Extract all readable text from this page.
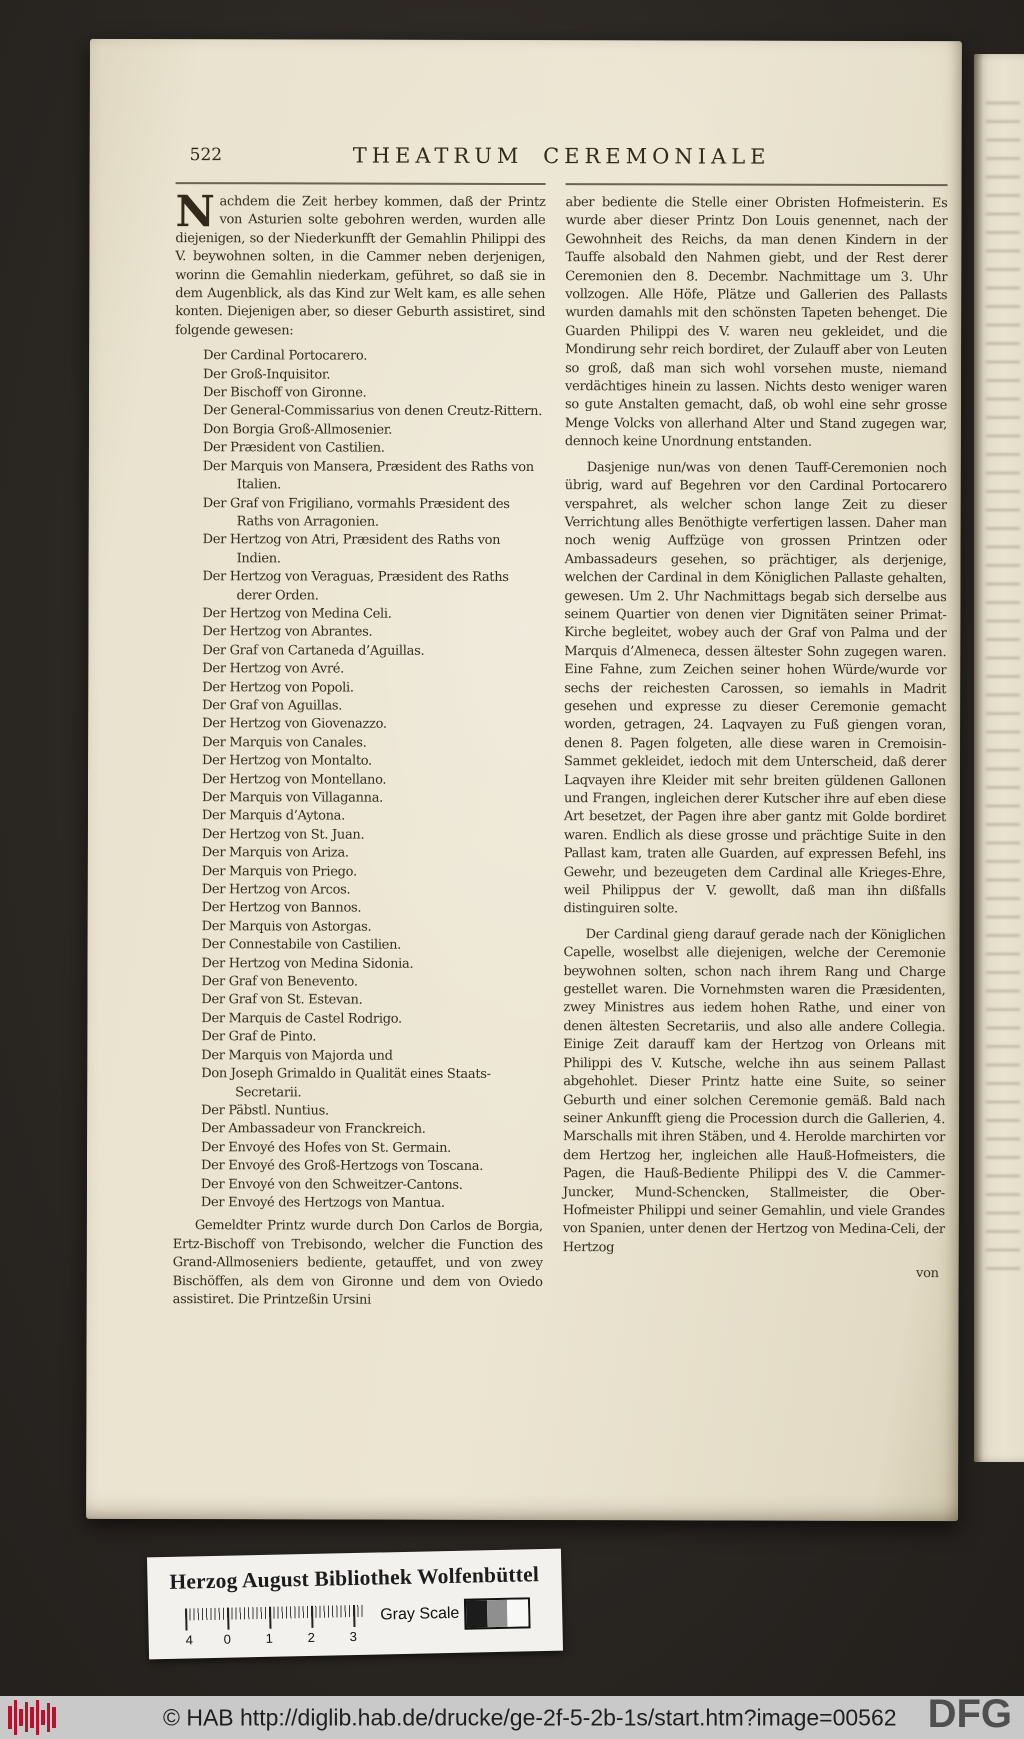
522	THEATRUM CEREMONIALE

Nachdem die Zeit herbey kommen, daß der Printz von Asturien solte gebohren werden, wurden alle diejenigen, so der Niederkunfft der Gemahlin Philippi des V. beywohnen solten, in die Cammer neben derjenigen, worinn die Gemahlin niederkam, geführet, so daß sie in dem Augenblick, als das Kind zur Welt kam, es alle sehen konten. Diejenigen aber, so dieser Geburth assistiret, sind folgende gewesen:

Der Cardinal Portocarero.
Der Groß-Inquisitor.
Der Bischoff von Gironne.
Der General-Commissarius von denen Creutz-Rittern.
Don Borgia Groß-Allmosenier.
Der Præsident von Castilien.
Der Marquis von Mansera, Præsident des Raths von Italien.
Der Graf von Frigiliano, vormahls Præsident des Raths von Arragonien.
Der Hertzog von Atri, Præsident des Raths von Indien.
Der Hertzog von Veraguas, Præsident des Raths derer Orden.
Der Hertzog von Medina Celi.
Der Hertzog von Abrantes.
Der Graf von Cartaneda d’Aguillas.
Der Hertzog von Avré.
Der Hertzog von Popoli.
Der Graf von Aguillas.
Der Hertzog von Giovenazzo.
Der Marquis von Canales.
Der Hertzog von Montalto.
Der Hertzog von Montellano.
Der Marquis von Villaganna.
Der Marquis d’Aytona.
Der Hertzog von St. Juan.
Der Marquis von Ariza.
Der Marquis von Priego.
Der Hertzog von Arcos.
Der Hertzog von Bannos.
Der Marquis von Astorgas.
Der Connestabile von Castilien.
Der Hertzog von Medina Sidonia.
Der Graf von Benevento.
Der Graf von St. Estevan.
Der Marquis de Castel Rodrigo.
Der Graf de Pinto.
Der Marquis von Majorda und
Don Joseph Grimaldo in Qualität eines Staats-Secretarii.
Der Päbstl. Nuntius.
Der Ambassadeur von Franckreich.
Der Envoyé des Hofes von St. Germain.
Der Envoyé des Groß-Hertzogs von Toscana.
Der Envoyé von den Schweitzer-Cantons.
Der Envoyé des Hertzogs von Mantua.

Gemeldter Printz wurde durch Don Carlos de Borgia, Ertz-Bischoff von Trebisondo, welcher die Function des Grand-Allmoseniers bediente, getauffet, und von zwey Bischöffen, als dem von Gironne und dem von Oviedo assistiret. Die Printzeßin Ursini

aber bediente die Stelle einer Obristen Hofmeisterin. Es wurde aber dieser Printz Don Louis genennet, nach der Gewohnheit des Reichs, da man denen Kindern in der Tauffe alsobald den Nahmen giebt, und der Rest derer Ceremonien den 8. Decembr. Nachmittage um 3. Uhr vollzogen. Alle Höfe, Plätze und Gallerien des Pallasts wurden damahls mit den schönsten Tapeten behenget. Die Guarden Philippi des V. waren neu gekleidet, und die Mondirung sehr reich bordiret, der Zulauff aber von Leuten so groß, daß man sich wohl vorsehen muste, niemand verdächtiges hinein zu lassen. Nichts desto weniger waren so gute Anstalten gemacht, daß, ob wohl eine sehr grosse Menge Volcks von allerhand Alter und Stand zugegen war, dennoch keine Unordnung entstanden.

Dasjenige nun/was von denen Tauff-Ceremonien noch übrig, ward auf Begehren vor den Cardinal Portocarero verspahret, als welcher schon lange Zeit zu dieser Verrichtung alles Benöthigte verfertigen lassen. Daher man noch wenig Auffzüge von grossen Printzen oder Ambassadeurs gesehen, so prächtiger, als derjenige, welchen der Cardinal in dem Königlichen Pallaste gehalten, gewesen. Um 2. Uhr Nachmittags begab sich derselbe aus seinem Quartier von denen vier Dignitäten seiner Primat-Kirche begleitet, wobey auch der Graf von Palma und der Marquis d’Almeneca, dessen ältester Sohn zugegen waren. Eine Fahne, zum Zeichen seiner hohen Würde/wurde vor sechs der reichesten Carossen, so iemahls in Madrit gesehen und expresse zu dieser Ceremonie gemacht worden, getragen, 24. Laqvayen zu Fuß giengen voran, denen 8. Pagen folgeten, alle diese waren in Cremoisin-Sammet gekleidet, iedoch mit dem Unterscheid, daß derer Laqvayen ihre Kleider mit sehr breiten güldenen Gallonen und Frangen, ingleichen derer Kutscher ihre auf eben diese Art besetzet, der Pagen ihre aber gantz mit Golde bordiret waren. Endlich als diese grosse und prächtige Suite in den Pallast kam, traten alle Guarden, auf expressen Befehl, ins Gewehr, und bezeugeten dem Cardinal alle Krieges-Ehre, weil Philippus der V. gewollt, daß man ihn dißfalls distinguiren solte.

Der Cardinal gieng darauf gerade nach der Königlichen Capelle, woselbst alle diejenigen, welche der Ceremonie beywohnen solten, schon nach ihrem Rang und Charge gestellet waren. Die Vornehmsten waren die Præsidenten, zwey Ministres aus iedem hohen Rathe, und einer von denen ältesten Secretariis, und also alle andere Collegia. Einige Zeit darauff kam der Hertzog von Orleans mit Philippi des V. Kutsche, welche ihn aus seinem Pallast abgehohlet. Dieser Printz hatte eine Suite, so seiner Geburth und einer solchen Ceremonie gemäß. Bald nach seiner Ankunfft gieng die Procession durch die Gallerien, 4. Marschalls mit ihren Stäben, und 4. Herolde marchirten vor dem Hertzog her, ingleichen alle Hauß-Hofmeisters, die Pagen, die Hauß-Bediente Philippi des V. die Cammer-Juncker, Mund-Schencken, Stallmeister, die Ober-Hofmeister Philippi und seiner Gemahlin, und viele Grandes von Spanien, unter denen der Hertzog von Medina-Celi, der Hertzog

von
Herzog August Bibliothek Wolfenbüttel
0	1	2	3
4
Gray Scale
© HAB http://diglib.hab.de/drucke/ge-2f-5-2b-1s/start.htm?image=00562 DFG
